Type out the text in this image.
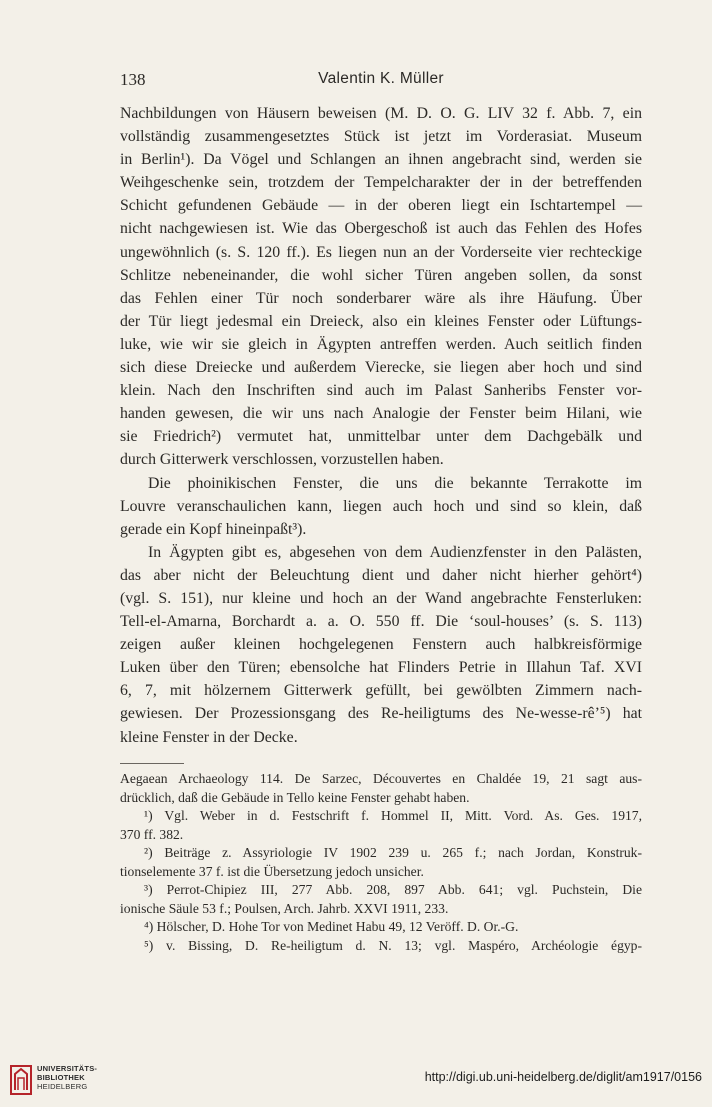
138	Valentin K. Müller

Nachbildungen von Häusern beweisen (M. D. O. G. LIV 32 f. Abb. 7, ein
vollständig zusammengesetztes Stück ist jetzt im Vorderasiat. Museum
in Berlin¹). Da Vögel und Schlangen an ihnen angebracht sind, werden sie
Weihgeschenke sein, trotzdem der Tempelcharakter der in der betreffenden
Schicht gefundenen Gebäude — in der oberen liegt ein Ischtartempel —
nicht nachgewiesen ist. Wie das Obergeschoß ist auch das Fehlen des Hofes
ungewöhnlich (s. S. 120 ff.). Es liegen nun an der Vorderseite vier rechteckige
Schlitze nebeneinander, die wohl sicher Türen angeben sollen, da sonst
das Fehlen einer Tür noch sonderbarer wäre als ihre Häufung. Über
der Tür liegt jedesmal ein Dreieck, also ein kleines Fenster oder Lüftungs-
luke, wie wir sie gleich in Ägypten antreffen werden. Auch seitlich finden
sich diese Dreiecke und außerdem Vierecke, sie liegen aber hoch und sind
klein. Nach den Inschriften sind auch im Palast Sanheribs Fenster vor-
handen gewesen, die wir uns nach Analogie der Fenster beim Hilani, wie
sie Friedrich²) vermutet hat, unmittelbar unter dem Dachgebälk und
durch Gitterwerk verschlossen, vorzustellen haben.

Die phoinikischen Fenster, die uns die bekannte Terrakotte im
Louvre veranschaulichen kann, liegen auch hoch und sind so klein, daß
gerade ein Kopf hineinpaßt³).

In Ägypten gibt es, abgesehen von dem Audienzfenster in den Palästen,
das aber nicht der Beleuchtung dient und daher nicht hierher gehört⁴)
(vgl. S. 151), nur kleine und hoch an der Wand angebrachte Fensterluken:
Tell-el-Amarna, Borchardt a. a. O. 550 ff. Die ‘soul-houses’ (s. S. 113)
zeigen außer kleinen hochgelegenen Fenstern auch halbkreisförmige
Luken über den Türen; ebensolche hat Flinders Petrie in Illahun Taf. XVI
6, 7, mit hölzernem Gitterwerk gefüllt, bei gewölbten Zimmern nach-
gewiesen. Der Prozessionsgang des Re-heiligtums des Ne-wesse-rê’⁵) hat
kleine Fenster in der Decke.

Aegaean Archaeology 114. De Sarzec, Découvertes en Chaldée 19, 21 sagt aus-
drücklich, daß die Gebäude in Tello keine Fenster gehabt haben.
¹) Vgl. Weber in d. Festschrift f. Hommel II, Mitt. Vord. As. Ges. 1917,
370 ff. 382.
²) Beiträge z. Assyriologie IV 1902 239 u. 265 f.; nach Jordan, Konstruk-
tionselemente 37 f. ist die Übersetzung jedoch unsicher.
³) Perrot-Chipiez III, 277 Abb. 208, 897 Abb. 641; vgl. Puchstein, Die
ionische Säule 53 f.; Poulsen, Arch. Jahrb. XXVI 1911, 233.
⁴) Hölscher, D. Hohe Tor von Medinet Habu 49, 12 Veröff. D. Or.-G.
⁵) v. Bissing, D. Re-heiligtum d. N. 13; vgl. Maspéro, Archéologie égyp-
UNIVERSITÄTS-
BIBLIOTHEK
HEIDELBERG
http://digi.ub.uni-heidelberg.de/diglit/am1917/0156
